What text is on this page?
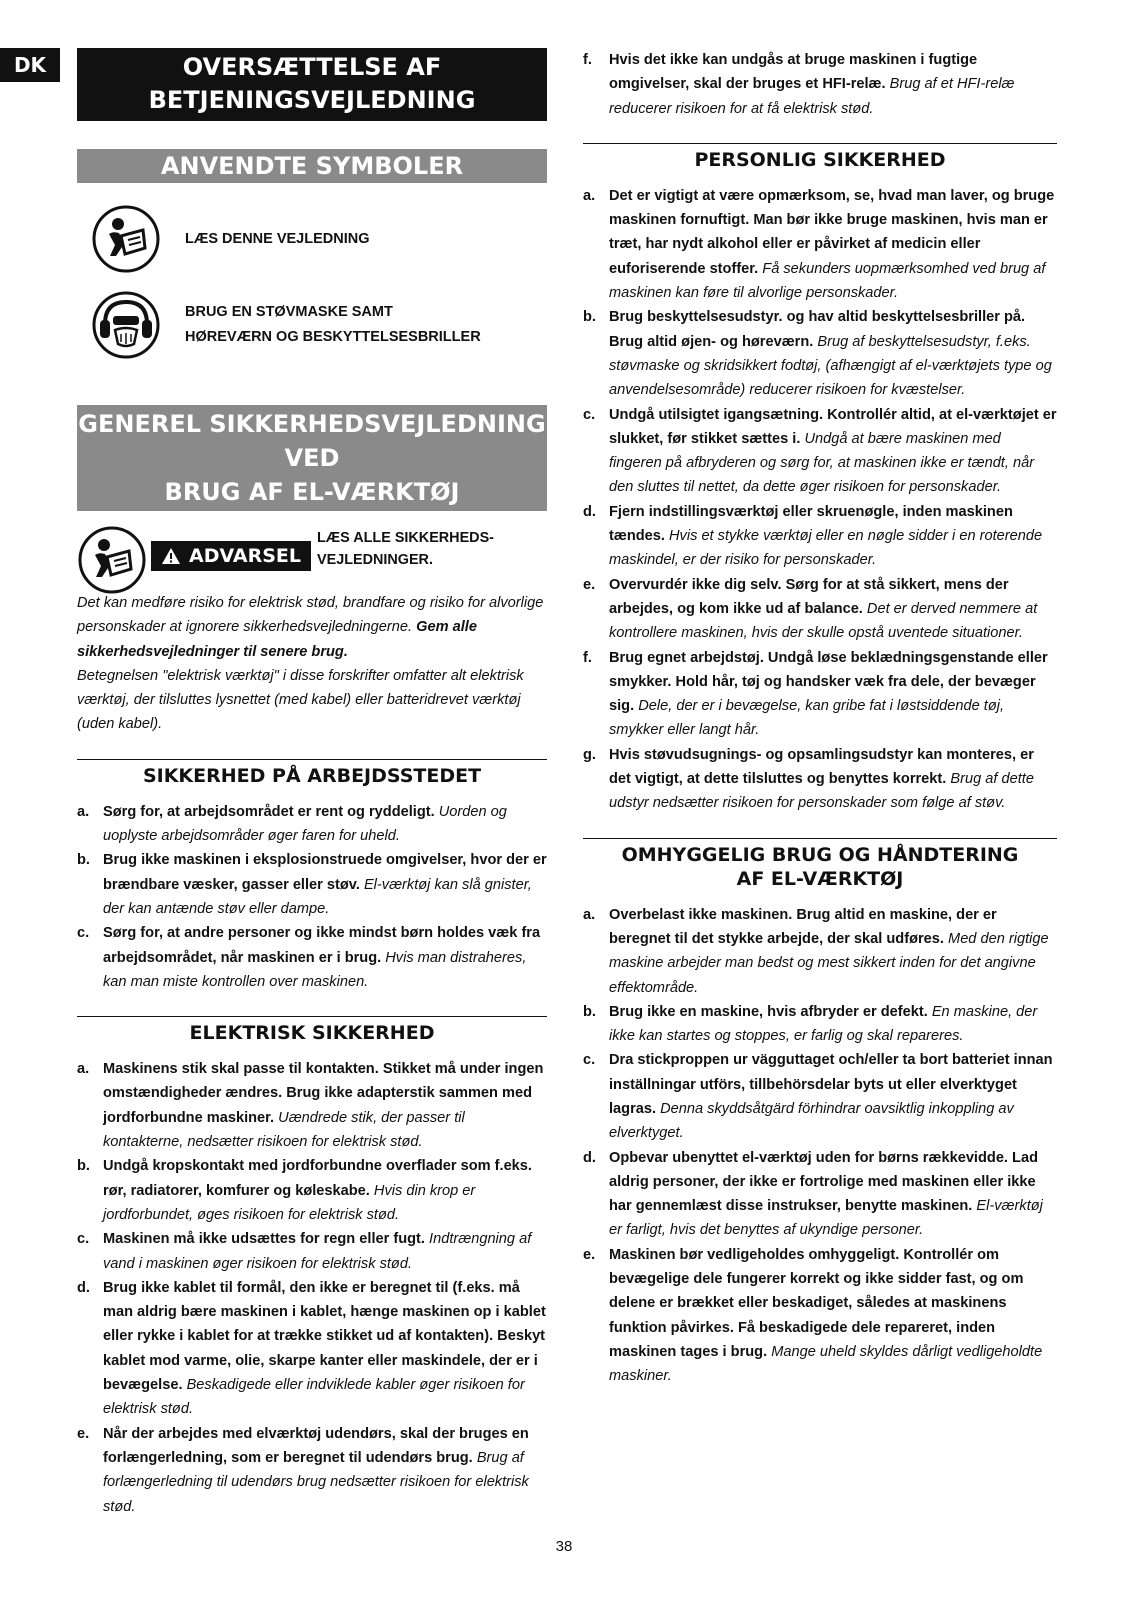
DK	OVERSÆTTELSE AF
BETJENINGSVEJLEDNING
ANVENDTE SYMBOLER
LÆS DENNE VEJLEDNING
BRUG EN STØVMASKE SAMT
HØREVÆRN OG BESKYTTELSESBRILLER
GENEREL SIKKERHEDSVEJLEDNING VED
BRUG AF EL-VÆRKTØJ
ADVARSEL
LÆS ALLE SIKKERHEDS-
VEJLEDNINGER.
Det kan medføre risiko for elektrisk stød, brandfare og risiko for alvorlige personskader at ignorere sikkerhedsvejledningerne. Gem alle sikkerhedsvejledninger til senere brug.
Betegnelsen "elektrisk værktøj" i disse forskrifter omfatter alt elektrisk værktøj, der tilsluttes lysnettet (med kabel) eller batteridrevet værktøj (uden kabel).
SIKKERHED PÅ ARBEJDSSTEDET
a. Sørg for, at arbejdsområdet er rent og ryddeligt. Uorden og uoplyste arbejdsområder øger faren for uheld.
b. Brug ikke maskinen i eksplosionstruede omgivelser, hvor der er brændbare væsker, gasser eller støv. El-værktøj kan slå gnister, der kan antænde støv eller dampe.
c. Sørg for, at andre personer og ikke mindst børn holdes væk fra arbejdsområdet, når maskinen er i brug. Hvis man distraheres, kan man miste kontrollen over maskinen.
ELEKTRISK SIKKERHED
a. Maskinens stik skal passe til kontakten. Stikket må under ingen omstændigheder ændres. Brug ikke adapterstik sammen med jordforbundne maskiner. Uændrede stik, der passer til kontakterne, nedsætter risikoen for elektrisk stød.
b. Undgå kropskontakt med jordforbundne overflader som f.eks. rør, radiatorer, komfurer og køleskabe. Hvis din krop er jordforbundet, øges risikoen for elektrisk stød.
c. Maskinen må ikke udsættes for regn eller fugt. Indtrængning af vand i maskinen øger risikoen for elektrisk stød.
d. Brug ikke kablet til formål, den ikke er beregnet til (f.eks. må man aldrig bære maskinen i kablet, hænge maskinen op i kablet eller rykke i kablet for at trække stikket ud af kontakten). Beskyt kablet mod varme, olie, skarpe kanter eller maskindele, der er i bevægelse. Beskadigede eller indviklede kabler øger risikoen for elektrisk stød.
e. Når der arbejdes med elværktøj udendørs, skal der bruges en forlængerledning, som er beregnet til udendørs brug. Brug af forlængerledning til udendørs brug nedsætter risikoen for elektrisk stød.
f.	Hvis det ikke kan undgås at bruge maskinen i fugtige omgivelser, skal der bruges et HFI-relæ. Brug af et HFI-relæ reducerer risikoen for at få elektrisk stød.
PERSONLIG SIKKERHED
a. Det er vigtigt at være opmærksom, se, hvad man laver, og bruge maskinen fornuftigt. Man bør ikke bruge maskinen, hvis man er træt, har nydt alkohol eller er påvirket af medicin eller euforiserende stoffer. Få sekunders uopmærksomhed ved brug af maskinen kan føre til alvorlige personskader.
b. Brug beskyttelsesudstyr. og hav altid beskyttelsesbriller på. Brug altid øjen- og høreværn. Brug af beskyttelsesudstyr, f.eks. støvmaske og skridsikkert fodtøj, (afhængigt af el-værktøjets type og anvendelsesområde) reducerer risikoen for kvæstelser.
c. Undgå utilsigtet igangsætning. Kontrollér altid, at el-værktøjet er slukket, før stikket sættes i. Undgå at bære maskinen med fingeren på afbryderen og sørg for, at maskinen ikke er tændt, når den sluttes til nettet, da dette øger risikoen for personskader.
d. Fjern indstillingsværktøj eller skruenøgle, inden maskinen tændes. Hvis et stykke værktøj eller en nøgle sidder i en roterende maskindel, er der risiko for personskader.
e. Overvurdér ikke dig selv. Sørg for at stå sikkert, mens der arbejdes, og kom ikke ud af balance. Det er derved nemmere at kontrollere maskinen, hvis der skulle opstå uventede situationer.
f.	Brug egnet arbejdstøj. Undgå løse beklædningsgenstande eller smykker. Hold hår, tøj og handsker væk fra dele, der bevæger sig. Dele, der er i bevægelse, kan gribe fat i løstsiddende tøj, smykker eller langt hår.
g. Hvis støvudsugnings- og opsamlingsudstyr kan monteres, er det vigtigt, at dette tilsluttes og benyttes korrekt. Brug af dette udstyr nedsætter risikoen for personskader som følge af støv.
OMHYGGELIG BRUG OG HÅNDTERING
AF EL-VÆRKTØJ
a. Overbelast ikke maskinen. Brug altid en maskine, der er beregnet til det stykke arbejde, der skal udføres. Med den rigtige maskine arbejder man bedst og mest sikkert inden for det angivne effektområde.
b. Brug ikke en maskine, hvis afbryder er defekt. En maskine, der ikke kan startes og stoppes, er farlig og skal repareres.
c. Dra stickproppen ur vägguttaget och/eller ta bort batteriet innan inställningar utförs, tillbehörsdelar byts ut eller elverktyget lagras. Denna skyddsåtgärd förhindrar oavsiktlig inkoppling av elverktyget.
d. Opbevar ubenyttet el-værktøj uden for børns rækkevidde. Lad aldrig personer, der ikke er fortrolige med maskinen eller ikke har gennemlæst disse instrukser, benytte maskinen. El-værktøj er farligt, hvis det benyttes af ukyndige personer.
e. Maskinen bør vedligeholdes omhyggeligt. Kontrollér om bevægelige dele fungerer korrekt og ikke sidder fast, og om delene er brækket eller beskadiget, således at maskinens funktion påvirkes. Få beskadigede dele repareret, inden maskinen tages i brug. Mange uheld skyldes dårligt vedligeholdte maskiner.
38
